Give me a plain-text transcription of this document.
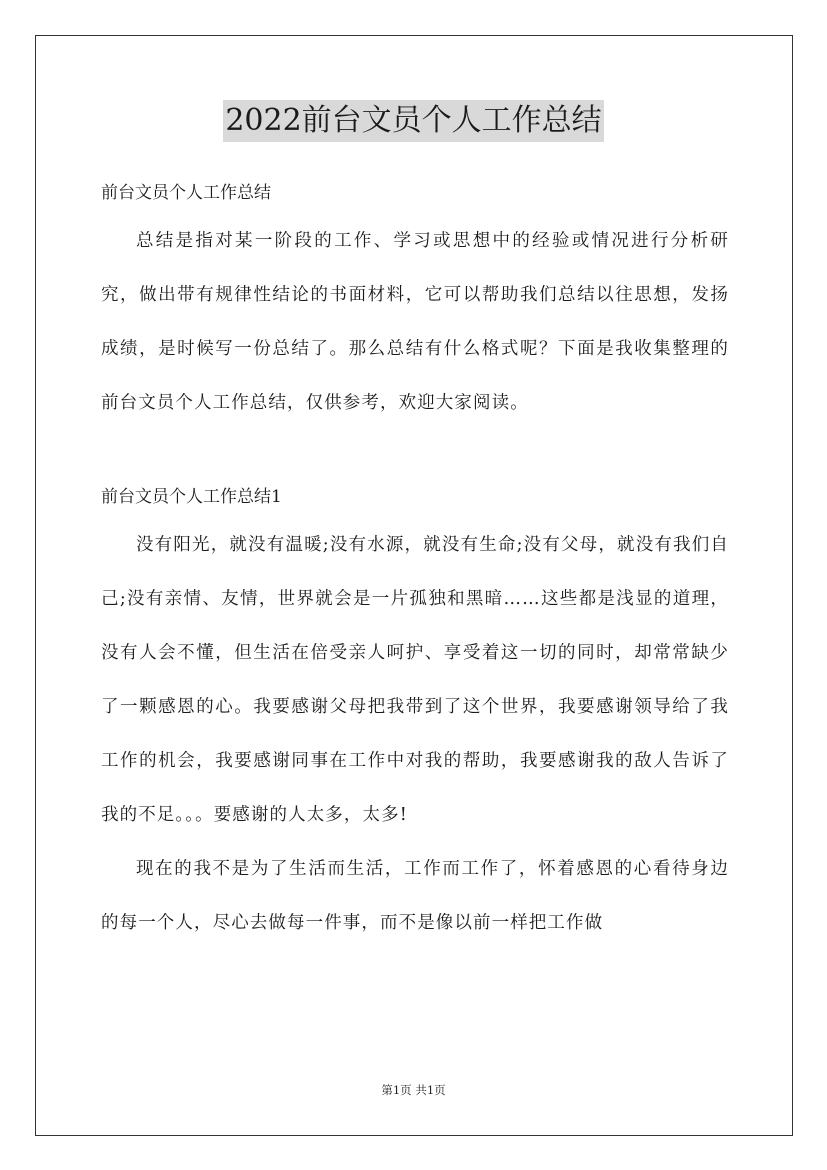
2022前台文员个人工作总结

前台文员个人工作总结

总结是指对某一阶段的工作、学习或思想中的经验或情况进行分析研究，做出带有规律性结论的书面材料，它可以帮助我们总结以往思想，发扬成绩，是时候写一份总结了。那么总结有什么格式呢？下面是我收集整理的前台文员个人工作总结，仅供参考，欢迎大家阅读。

前台文员个人工作总结1

没有阳光，就没有温暖;没有水源，就没有生命;没有父母，就没有我们自己;没有亲情、友情，世界就会是一片孤独和黑暗……这些都是浅显的道理，没有人会不懂，但生活在倍受亲人呵护、享受着这一切的同时，却常常缺少了一颗感恩的心。我要感谢父母把我带到了这个世界，我要感谢领导给了我工作的机会，我要感谢同事在工作中对我的帮助，我要感谢我的敌人告诉了我的不足。。。要感谢的人太多，太多!

现在的我不是为了生活而生活，工作而工作了，怀着感恩的心看待身边的每一个人，尽心去做每一件事，而不是像以前一样把工作做

第1页 共1页
